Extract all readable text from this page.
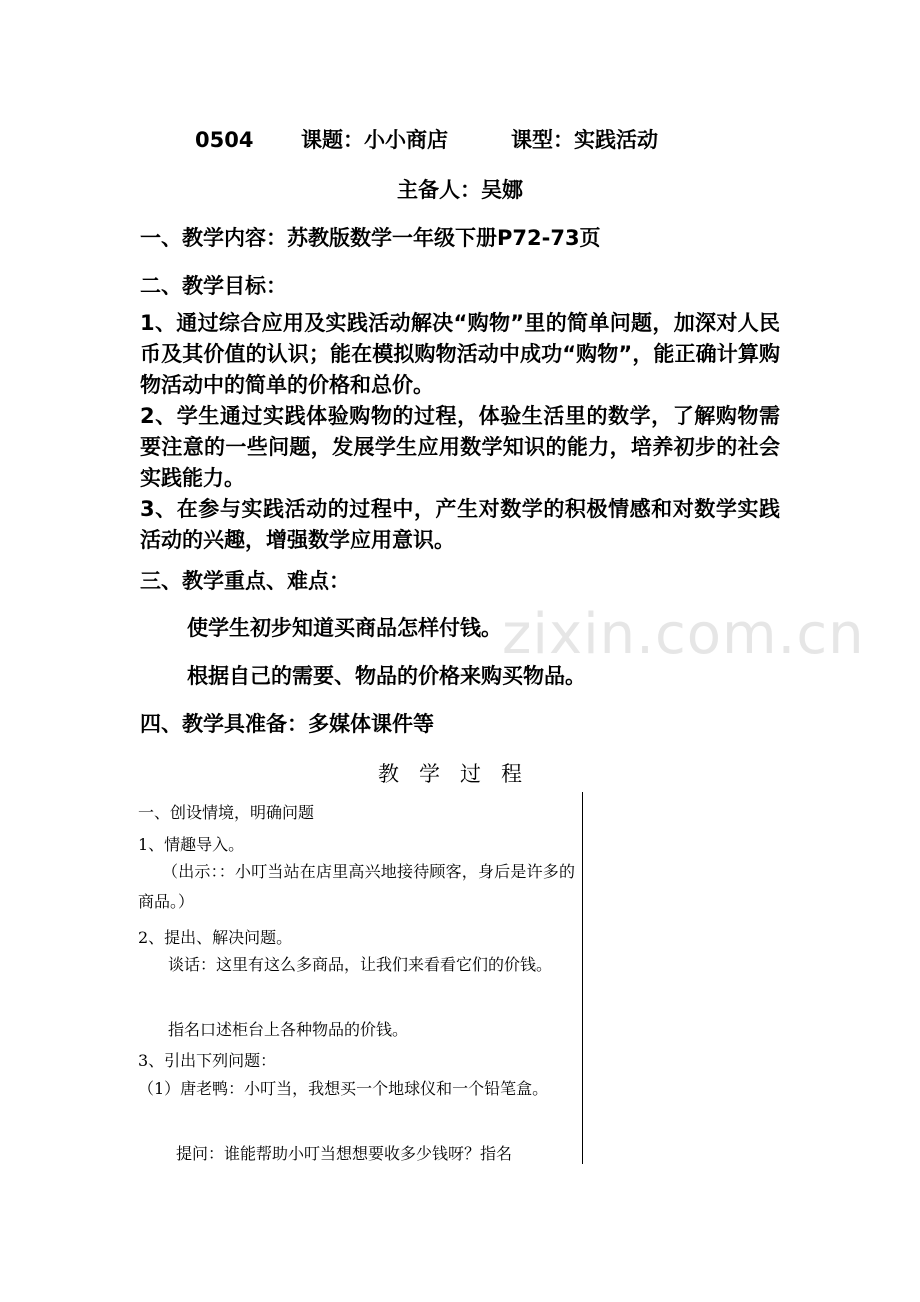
0504 课题：小小商店	课型：实践活动
主备人：吴娜
一、教学内容：苏教版数学一年级下册P72-73页
二、教学目标：
1、通过综合应用及实践活动解决“购物”里的简单问题，加深对人民币及其价值的认识；能在模拟购物活动中成功“购物”，能正确计算购物活动中的简单的价格和总价。
2、学生通过实践体验购物的过程，体验生活里的数学，了解购物需要注意的一些问题，发展学生应用数学知识的能力，培养初步的社会实践能力。
3、在参与实践活动的过程中，产生对数学的积极情感和对数学实践活动的兴趣，增强数学应用意识。
三、教学重点、难点：
使学生初步知道买商品怎样付钱。
根据自己的需要、物品的价格来购买物品。
四、教学具准备：多媒体课件等
教学过程
一、创设情境，明确问题
1、情趣导入。
（出示：：小叮当站在店里高兴地接待顾客，身后是许多的商品。）
2、提出、解决问题。
谈话：这里有这么多商品，让我们来看看它们的价钱。
指名口述柜台上各种物品的价钱。
3、引出下列问题：
（1）唐老鸭：小叮当，我想买一个地球仪和一个铅笔盒。
提问：谁能帮助小叮当想想要收多少钱呀？指名
zixin.com.cn
